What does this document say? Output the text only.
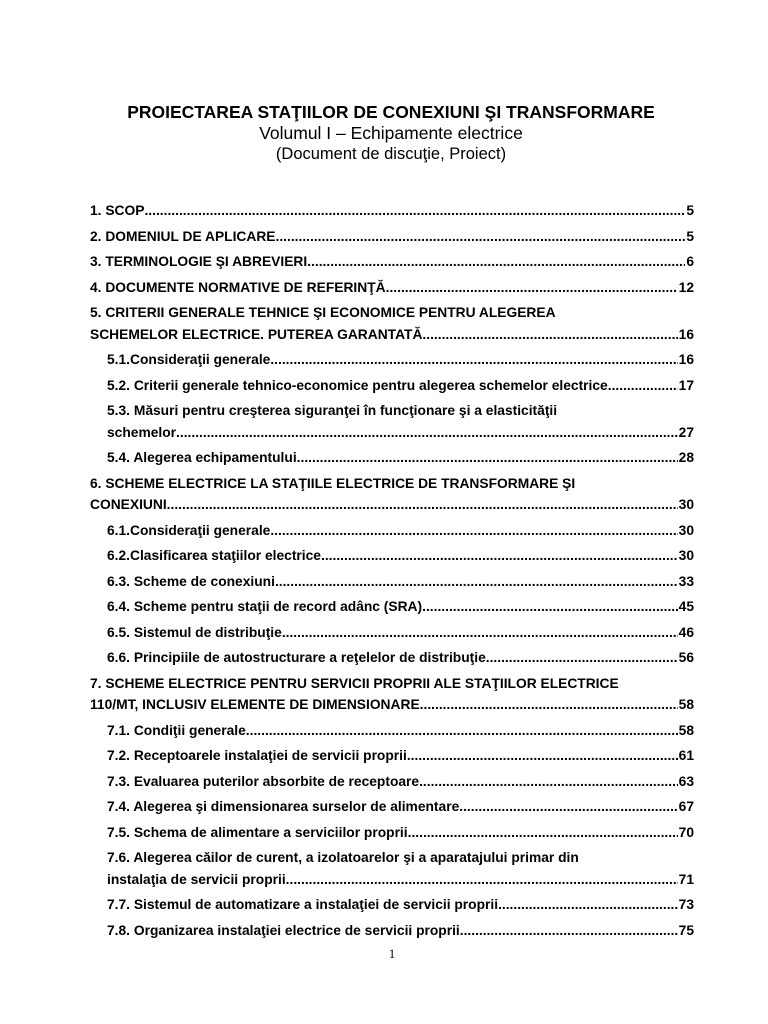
PROIECTAREA STAŢIILOR DE CONEXIUNI ŞI TRANSFORMARE

Volumul I – Echipamente electrice

(Document de discuţie, Proiect)

1. SCOP .....	5
2. DOMENIUL DE APLICARE .....	5
3. TERMINOLOGIE ŞI ABREVIERI .....	6
4. DOCUMENTE NORMATIVE DE REFERINŢĂ .....	12
5. CRITERII GENERALE TEHNICE ŞI ECONOMICE PENTRU ALEGEREA
SCHEMELOR ELECTRICE. PUTEREA GARANTATĂ .....	16
5.1.Consideraţii generale .....	16
5.2. Criterii generale tehnico-economice pentru alegerea schemelor electrice .....	17
5.3. Măsuri pentru creşterea siguranţei în funcţionare şi a elasticităţii
schemelor .....	27
5.4. Alegerea echipamentului .....	28
6. SCHEME ELECTRICE LA STAŢIILE ELECTRICE DE TRANSFORMARE ŞI
CONEXIUNI .....	30
6.1.Consideraţii generale .....	30
6.2.Clasificarea staţiilor electrice .....	30
6.3. Scheme de conexiuni .....	33
6.4. Scheme pentru staţii de record adânc (SRA) .....	45
6.5. Sistemul de distribuţie .....	46
6.6. Principiile de autostructurare a reţelelor de distribuţie .....	56
7. SCHEME ELECTRICE PENTRU SERVICII PROPRII ALE STAŢIILOR ELECTRICE
110/MT, INCLUSIV ELEMENTE DE DIMENSIONARE .....	58
7.1. Condiţii generale .....	58
7.2. Receptoarele instalaţiei de servicii proprii .....	61
7.3. Evaluarea puterilor absorbite de receptoare .....	63
7.4. Alegerea şi dimensionarea surselor de alimentare .....	67
7.5. Schema de alimentare a serviciilor proprii .....	70
7.6. Alegerea căilor de curent, a izolatoarelor şi a aparatajului primar din
instalaţia de servicii proprii .....	71
7.7. Sistemul de automatizare a instalaţiei de servicii proprii .....	73
7.8. Organizarea instalaţiei electrice de servicii proprii .....	75
1
